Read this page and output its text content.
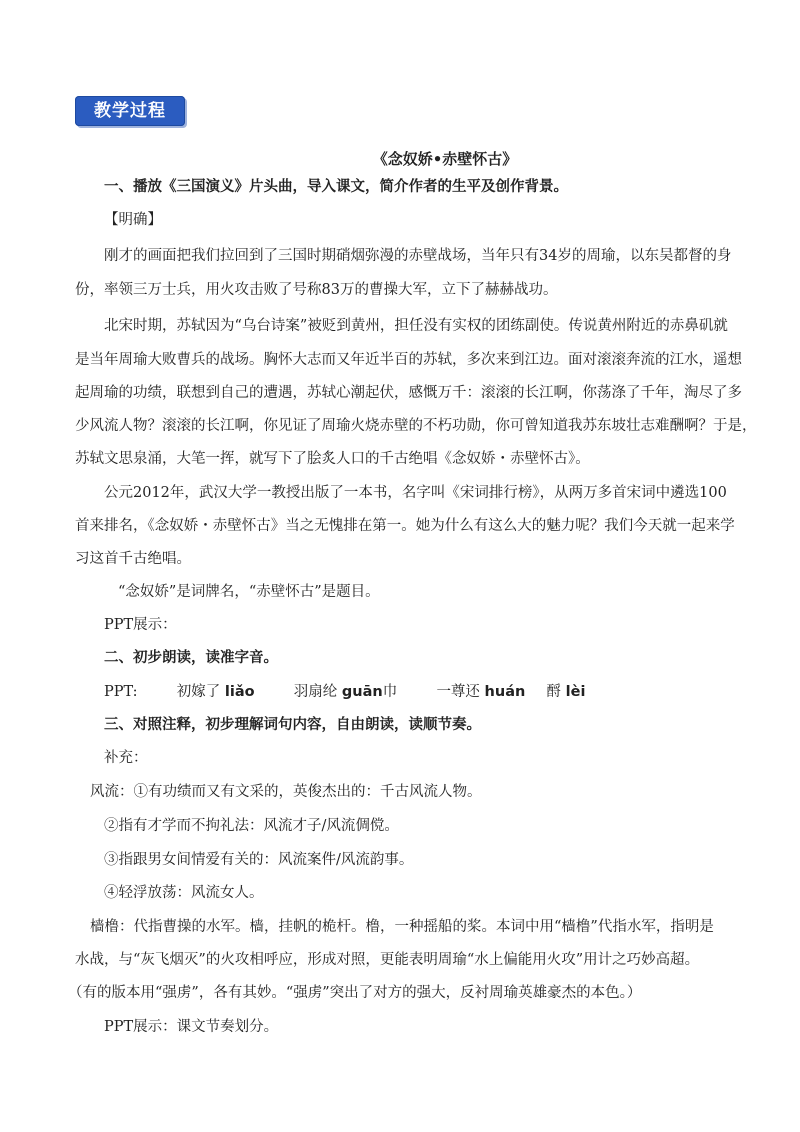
教学过程
《念奴娇•赤壁怀古》
一、播放《三国演义》片头曲，导入课文，简介作者的生平及创作背景。
【明确】
刚才的画面把我们拉回到了三国时期硝烟弥漫的赤壁战场，当年只有34岁的周瑜，以东吴都督的身
份，率领三万士兵，用火攻击败了号称83万的曹操大军，立下了赫赫战功。
北宋时期，苏轼因为“乌台诗案”被贬到黄州，担任没有实权的团练副使。传说黄州附近的赤鼻矶就
是当年周瑜大败曹兵的战场。胸怀大志而又年近半百的苏轼，多次来到江边。面对滚滚奔流的江水，遥想
起周瑜的功绩，联想到自己的遭遇，苏轼心潮起伏，感慨万千：滚滚的长江啊，你荡涤了千年，淘尽了多
少风流人物？滚滚的长江啊，你见证了周瑜火烧赤壁的不朽功勋，你可曾知道我苏东坡壮志难酬啊？于是，
苏轼文思泉涌，大笔一挥，就写下了脍炙人口的千古绝唱《念奴娇・赤壁怀古》。
公元2012年，武汉大学一教授出版了一本书，名字叫《宋词排行榜》，从两万多首宋词中遴选100
首来排名，《念奴娇・赤壁怀古》当之无愧排在第一。她为什么有这么大的魅力呢？我们今天就一起来学
习这首千古绝唱。
“念奴娇”是词牌名，“赤壁怀古”是题目。
PPT展示：
二、初步朗读，读准字音。
PPT:	初嫁了 liǎo	羽扇纶 guān巾	一尊还 huán 酹 lèi
三、对照注释，初步理解词句内容，自由朗读，读顺节奏。
补充：
风流：①有功绩而又有文采的，英俊杰出的：千古风流人物。
②指有才学而不拘礼法：风流才子/风流倜傥。
③指跟男女间情爱有关的：风流案件/风流韵事。
④轻浮放荡：风流女人。
樯橹：代指曹操的水军。樯，挂帆的桅杆。橹，一种摇船的桨。本词中用“樯橹”代指水军，指明是
水战，与“灰飞烟灭”的火攻相呼应，形成对照，更能表明周瑜“水上偏能用火攻”用计之巧妙高超。
（有的版本用“强虏”，各有其妙。“强虏”突出了对方的强大，反衬周瑜英雄豪杰的本色。）
PPT展示：课文节奏划分。
